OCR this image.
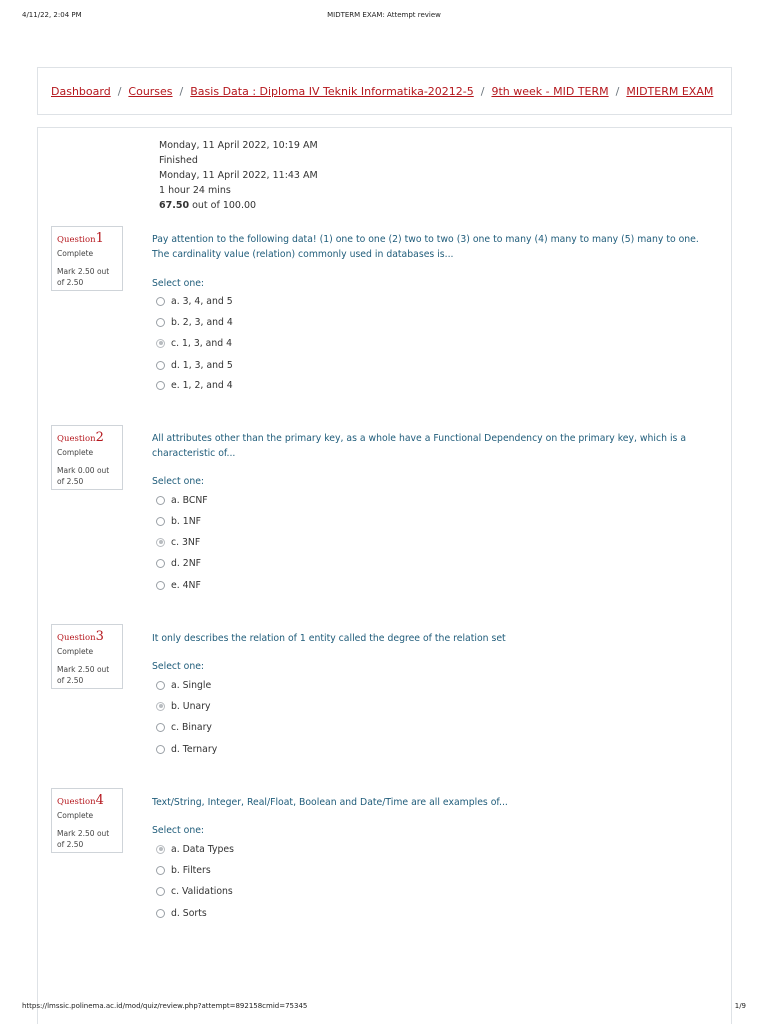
4/11/22, 2:04 PM	MIDTERM EXAM: Attempt review
Dashboard / Courses / Basis Data : Diploma IV Teknik Informatika-20212-5 / 9th week - MID TERM / MIDTERM EXAM
Monday, 11 April 2022, 10:19 AM
Finished
Monday, 11 April 2022, 11:43 AM
1 hour 24 mins
67.50 out of 100.00
Question1
Complete
Mark 2.50 out of 2.50
Pay attention to the following data! (1) one to one (2) two to two (3) one to many (4) many to many (5) many to one. The cardinality value (relation) commonly used in databases is...
Select one:
a. 3, 4, and 5
b. 2, 3, and 4
c. 1, 3, and 4
d. 1, 3, and 5
e. 1, 2, and 4
Question2
Complete
Mark 0.00 out of 2.50
All attributes other than the primary key, as a whole have a Functional Dependency on the primary key, which is a characteristic of...
Select one:
a. BCNF
b. 1NF
c. 3NF
d. 2NF
e. 4NF
Question3
Complete
Mark 2.50 out of 2.50
It only describes the relation of 1 entity called the degree of the relation set
Select one:
a. Single
b. Unary
c. Binary
d. Ternary
Question4
Complete
Mark 2.50 out of 2.50
Text/String, Integer, Real/Float, Boolean and Date/Time are all examples of...
Select one:
a. Data Types
b. Filters
c. Validations
d. Sorts
https://lmssic.polinema.ac.id/mod/quiz/review.php?attempt=892158cmid=75345	1/9
